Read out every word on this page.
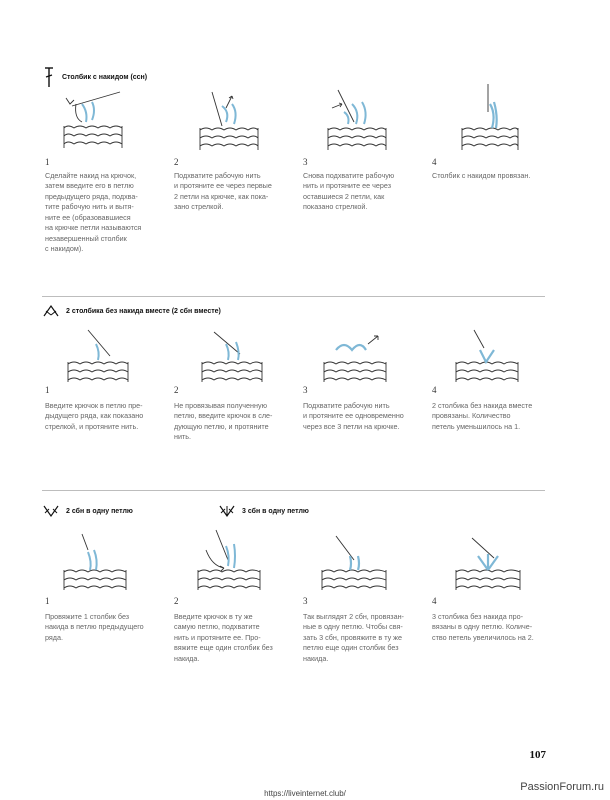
Столбик с накидом (ссн)
1	2	3	4
Сделайте накид на крючок,
затем введите его в петлю
предыдущего ряда, подхва-
тите рабочую нить и вытя-
ните ее (образовавшиеся
на крючке петли называются
незавершенный столбик
с накидом).
Подхватите рабочую нить
и протяните ее через первые
2 петли на крючке, как пока-
зано стрелкой.
Снова подхватите рабочую
нить и протяните ее через
оставшиеся 2 петли, как
показано стрелкой.
Столбик с накидом провязан.
2 столбика без накида вместе (2 сбн вместе)
1	2	3	4
Введите крючок в петлю пре-
дыдущего ряда, как показано
стрелкой, и протяните нить.
Не провязывая полученную
петлю, введите крючок в сле-
дующую петлю, и протяните
нить.
Подхватите рабочую нить
и протяните ее одновременно
через все 3 петли на крючке.
2 столбика без накида вместе
провязаны. Количество
петель уменьшилось на 1.
2 сбн в одну петлю	3 сбн в одну петлю
1	2	3	4
Провяжите 1 столбик без
накида в петлю предыдущего
ряда.
Введите крючок в ту же
самую петлю, подхватите
нить и протяните ее. Про-
вяжите еще один столбик без
накида.
Так выглядят 2 сбн, провязан-
ные в одну петлю. Чтобы свя-
зать 3 сбн, провяжите в ту же
петлю еще один столбик без
накида.
3 столбика без накида про-
вязаны в одну петлю. Количе-
ство петель увеличилось на 2.
107
https://liveinternet.club/
PassionForum.ru
